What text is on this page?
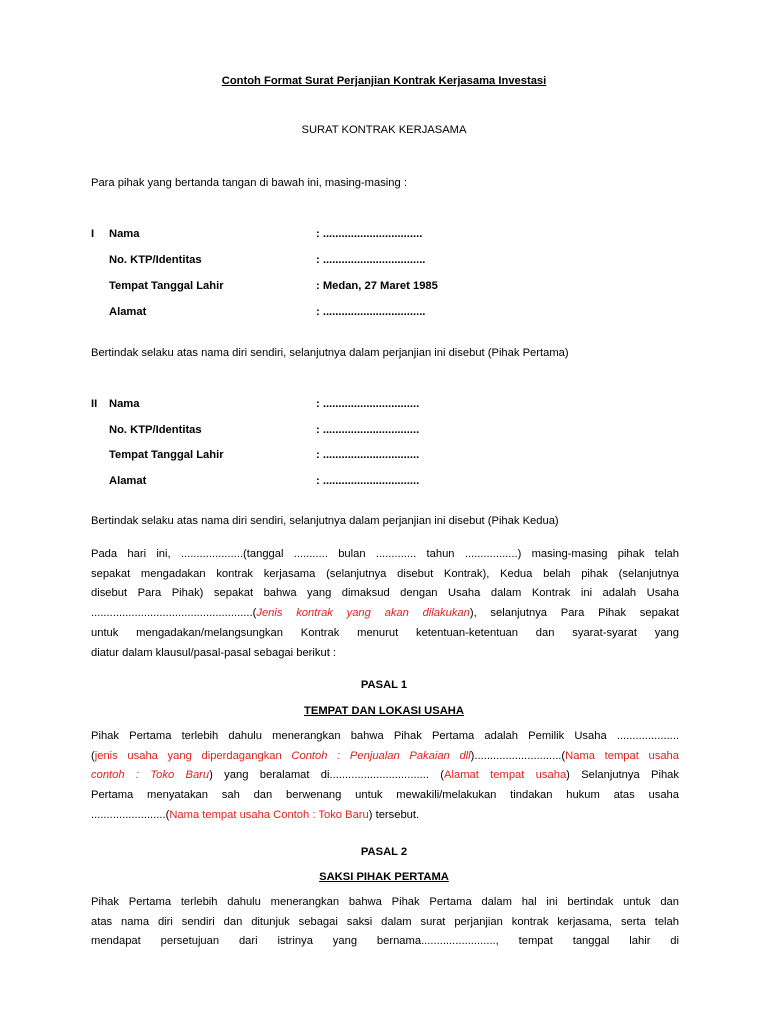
Contoh Format Surat Perjanjian Kontrak Kerjasama Investasi
SURAT KONTRAK KERJASAMA
Para pihak yang bertanda tangan di bawah ini, masing-masing :
I Nama	: ................................
No. KTP/Identitas	: .................................
Tempat Tanggal Lahir	: Medan, 27 Maret 1985
Alamat	: .................................
Bertindak selaku atas nama diri sendiri, selanjutnya dalam perjanjian ini disebut (Pihak Pertama)
II Nama	: ...............................
No. KTP/Identitas	: ...............................
Tempat Tanggal Lahir	: ...............................
Alamat	: ...............................
Bertindak selaku atas nama diri sendiri, selanjutnya dalam perjanjian ini disebut (Pihak Kedua)
Pada hari ini, ....................(tanggal ........... bulan ............. tahun .................) masing-masing pihak telah
sepakat mengadakan kontrak kerjasama (selanjutnya disebut Kontrak), Kedua belah pihak (selanjutnya
disebut Para Pihak) sepakat bahwa yang dimaksud dengan Usaha dalam Kontrak ini adalah Usaha
....................................................(Jenis kontrak yang akan dilakukan), selanjutnya Para Pihak sepakat
untuk mengadakan/melangsungkan Kontrak menurut ketentuan-ketentuan dan syarat-syarat yang
diatur dalam klausul/pasal-pasal sebagai berikut :
PASAL 1
TEMPAT DAN LOKASI USAHA
Pihak Pertama terlebih dahulu menerangkan bahwa Pihak Pertama adalah Pemilik Usaha ....................
(jenis usaha yang diperdagangkan Contoh : Penjualan Pakaian dll)............................(Nama tempat usaha
contoh : Toko Baru) yang beralamat di................................ (Alamat tempat usaha) Selanjutnya Pihak
Pertama menyatakan sah dan berwenang untuk mewakili/melakukan tindakan hukum atas usaha
........................(Nama tempat usaha Contoh : Toko Baru) tersebut.
PASAL 2
SAKSI PIHAK PERTAMA
Pihak Pertama terlebih dahulu menerangkan bahwa Pihak Pertama dalam hal ini bertindak untuk dan
atas nama diri sendiri dan ditunjuk sebagai saksi dalam surat perjanjian kontrak kerjasama, serta telah
mendapat persetujuan dari istrinya yang bernama........................, tempat tanggal lahir di
